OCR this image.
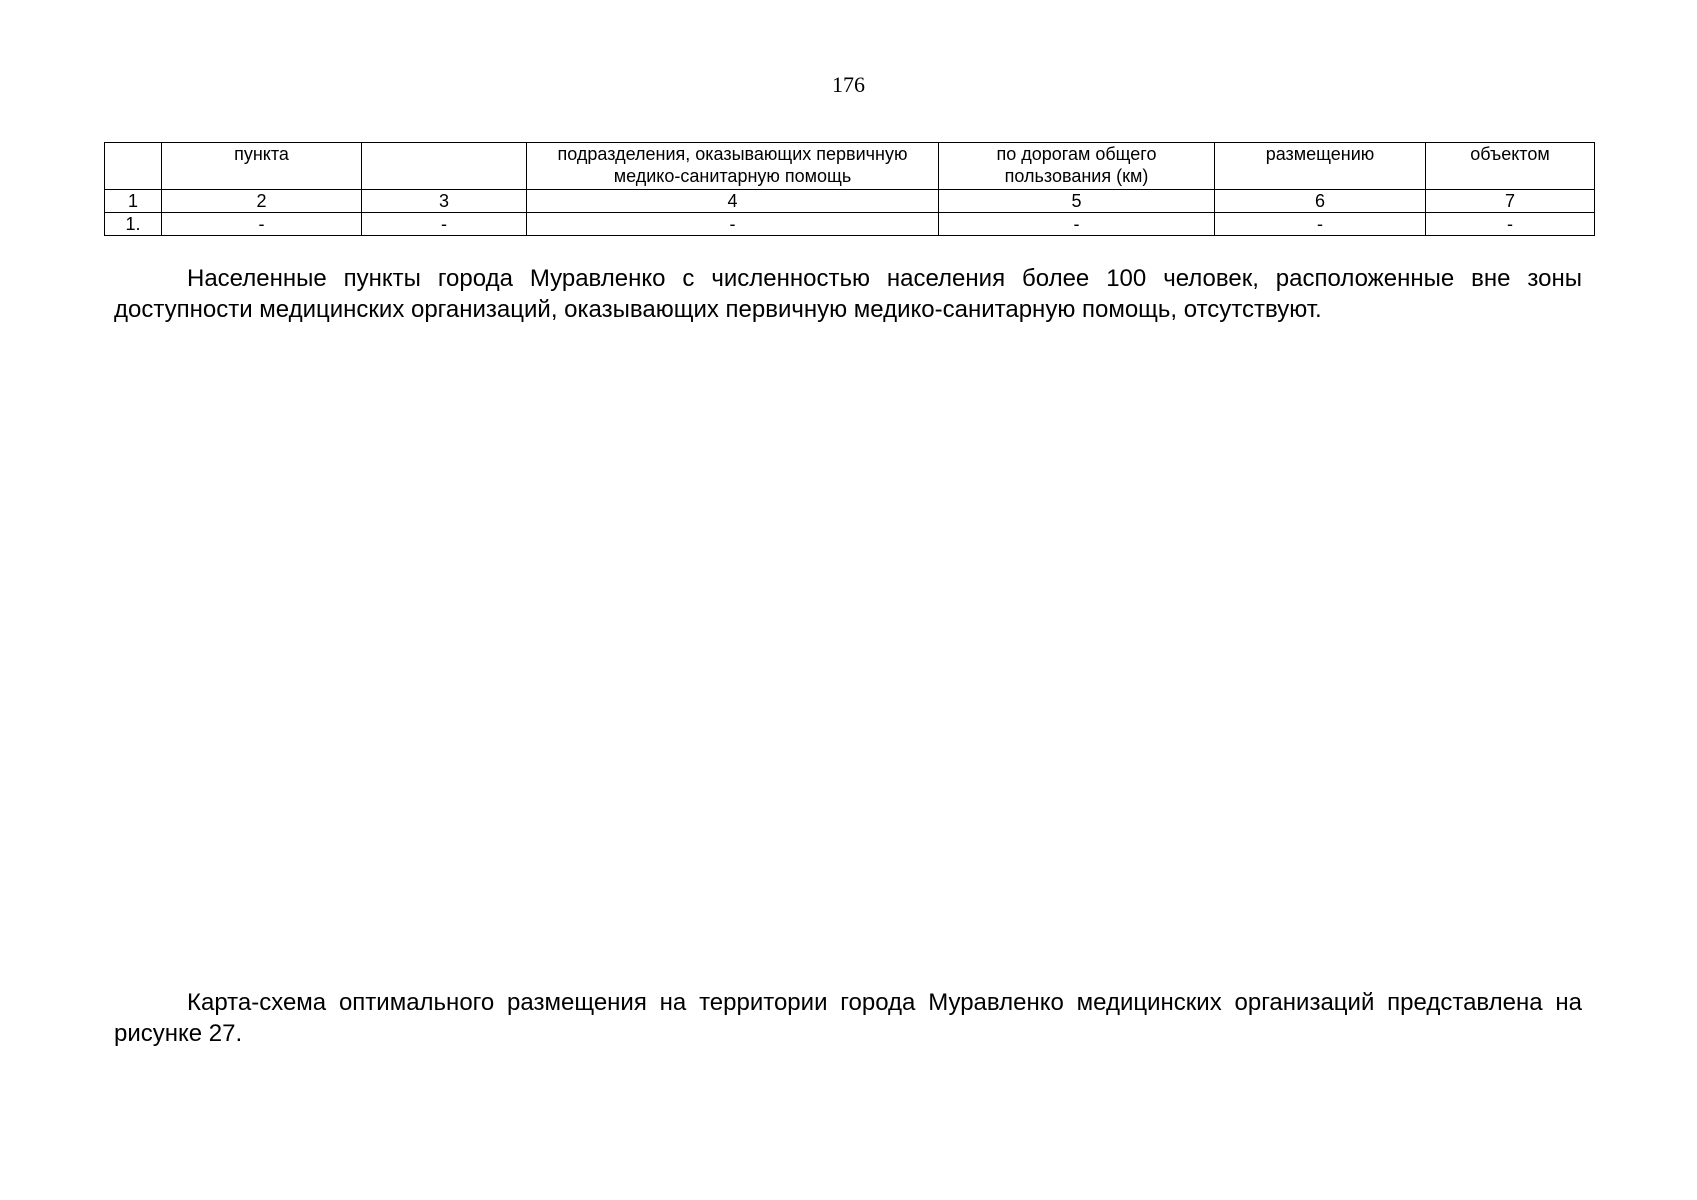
176
	пункта		подразделения, оказывающих первичную медико-санитарную помощь	по дорогам общего пользования (км)	размещению	объектом
1	2	3	4	5	6	7
1.	-	-	-	-	-	-

Населенные пункты города Муравленко с численностью населения более 100 человек, расположенные вне зоны доступности медицинских организаций, оказывающих первичную медико-санитарную помощь, отсутствуют.

Карта-схема оптимального размещения на территории города Муравленко медицинских организаций представлена на рисунке 27.
